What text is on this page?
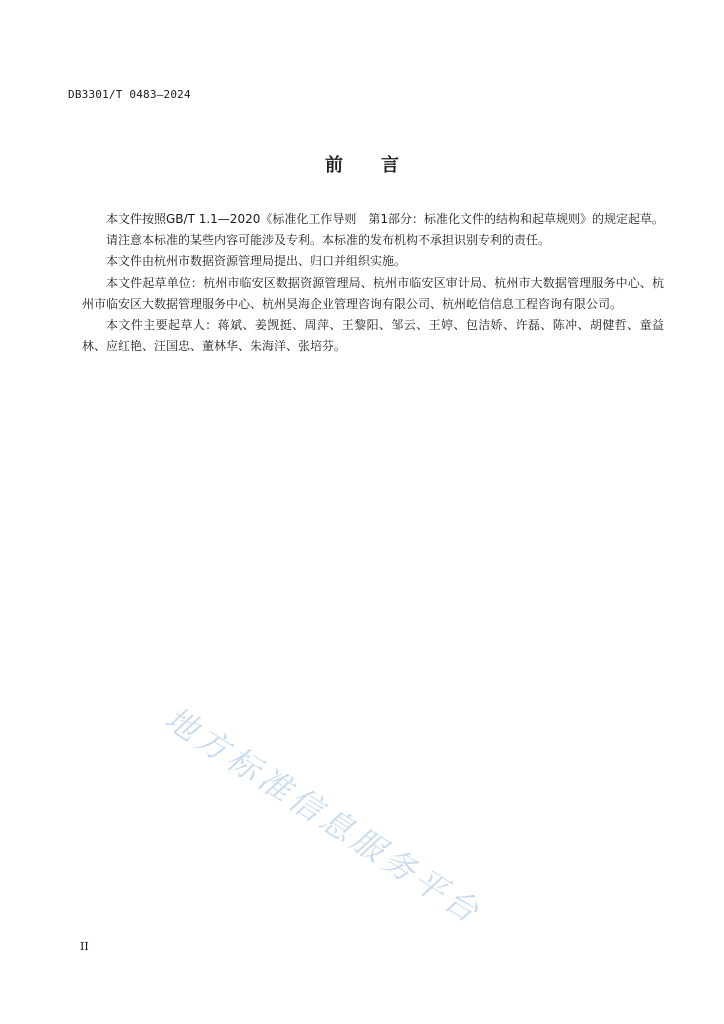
DB3301/T 0483—2024
前言

本文件按照GB/T 1.1—2020《标准化工作导则　第1部分：标准化文件的结构和起草规则》的规定起草。

请注意本标准的某些内容可能涉及专利。本标准的发布机构不承担识别专利的责任。

本文件由杭州市数据资源管理局提出、归口并组织实施。

本文件起草单位：杭州市临安区数据资源管理局、杭州市临安区审计局、杭州市大数据管理服务中心、杭州市临安区大数据管理服务中心、杭州昊海企业管理咨询有限公司、杭州屹信信息工程咨询有限公司。

本文件主要起草人：蒋斌、姜觊挺、周萍、王黎阳、邹云、王婷、包洁娇、许磊、陈冲、胡健哲、童益林、应红艳、汪国忠、董林华、朱海洋、张培芬。

地方标准信息服务平台
II
